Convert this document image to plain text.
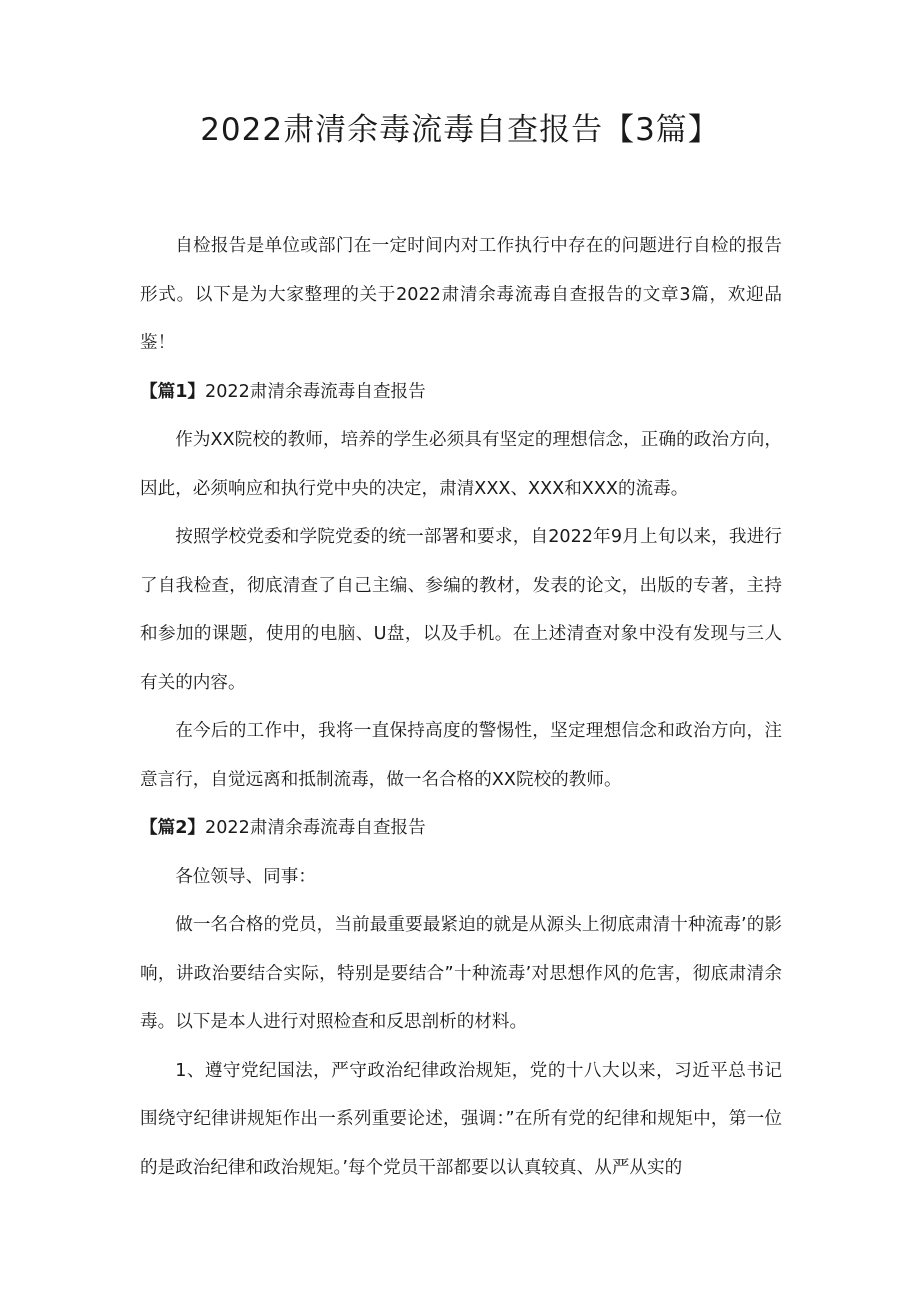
2022肃清余毒流毒自查报告【3篇】

自检报告是单位或部门在一定时间内对工作执行中存在的问题进行自检的报告形式。以下是为大家整理的关于2022肃清余毒流毒自查报告的文章3篇，欢迎品鉴！

【篇1】2022肃清余毒流毒自查报告

作为XX院校的教师，培养的学生必须具有坚定的理想信念，正确的政治方向，因此，必须响应和执行党中央的决定，肃清XXX、XXX和XXX的流毒。

按照学校党委和学院党委的统一部署和要求，自2022年9月上旬以来，我进行了自我检查，彻底清查了自己主编、参编的教材，发表的论文，出版的专著，主持和参加的课题，使用的电脑、U盘，以及手机。在上述清查对象中没有发现与三人有关的内容。

在今后的工作中，我将一直保持高度的警惕性，坚定理想信念和政治方向，注意言行，自觉远离和抵制流毒，做一名合格的XX院校的教师。

【篇2】2022肃清余毒流毒自查报告

各位领导、同事：

做一名合格的党员，当前最重要最紧迫的就是从源头上彻底肃清十种流毒’的影响，讲政治要结合实际，特别是要结合”十种流毒’对思想作风的危害，彻底肃清余毒。以下是本人进行对照检查和反思剖析的材料。

1、遵守党纪国法，严守政治纪律政治规矩，党的十八大以来，习近平总书记围绕守纪律讲规矩作出一系列重要论述，强调：”在所有党的纪律和规矩中，第一位的是政治纪律和政治规矩。’每个党员干部都要以认真较真、从严从实的
